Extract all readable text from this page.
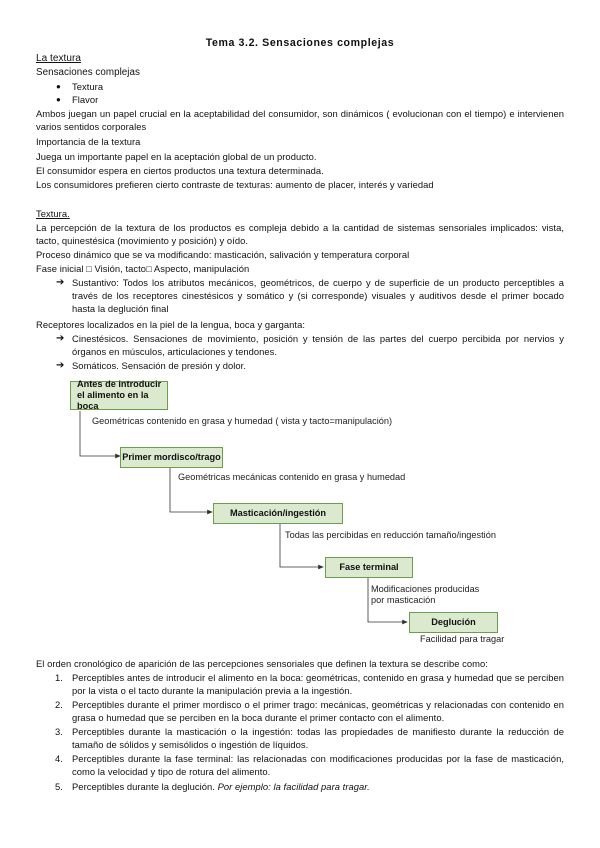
Tema 3.2. Sensaciones complejas
La textura
Sensaciones complejas
● Textura
● Flavor
Ambos juegan un papel crucial en la aceptabilidad del consumidor, son dinámicos ( evolucionan con el tiempo) e intervienen varios sentidos corporales
Importancia de la textura
Juega un importante papel en la aceptación global de un producto.
El consumidor espera en ciertos productos una textura determinada.
Los consumidores prefieren cierto contraste de texturas: aumento de placer, interés y variedad
Textura.
La percepción de la textura de los productos es compleja debido a la cantidad de sistemas sensoriales implicados: vista, tacto, quinestésica (movimiento y posición) y oído.
Proceso dinámico que se va modificando: masticación, salivación y temperatura corporal
Fase inicial □ Visión, tacto□ Aspecto, manipulación
➔ Sustantivo: Todos los atributos mecánicos, geométricos, de cuerpo y de superficie de un producto perceptibles a través de los receptores cinestésicos y somático y (si corresponde) visuales y auditivos desde el primer bocado hasta la deglución final
Receptores localizados en la piel de la lengua, boca y garganta:
➔ Cinestésicos. Sensaciones de movimiento, posición y tensión de las partes del cuerpo percibida por nervios y órganos en músculos, articulaciones y tendones.
➔ Somáticos. Sensación de presión y dolor.
Antes de introducir el alimento en la boca
Geométricas contenido en grasa y humedad ( vista y tacto=manipulación)
Primer mordisco/trago
Geométricas mecánicas contenido en grasa y humedad
Masticación/ingestión
Todas las percibidas en reducción tamaño/ingestión
Fase terminal
Modificaciones producidas por masticación
Deglución
Facilidad para tragar
El orden cronológico de aparición de las percepciones sensoriales que definen la textura se describe como:
1. Perceptibles antes de introducir el alimento en la boca: geométricas, contenido en grasa y humedad que se perciben por la vista o el tacto durante la manipulación previa a la ingestión.
2. Perceptibles durante el primer mordisco o el primer trago: mecánicas, geométricas y relacionadas con contenido en grasa o humedad que se perciben en la boca durante el primer contacto con el alimento.
3. Perceptibles durante la masticación o la ingestión: todas las propiedades de manifiesto durante la reducción de tamaño de sólidos y semisólidos o ingestión de líquidos.
4. Perceptibles durante la fase terminal: las relacionadas con modificaciones producidas por la fase de masticación, como la velocidad y tipo de rotura del alimento.
5. Perceptibles durante la deglución. Por ejemplo: la facilidad para tragar.
